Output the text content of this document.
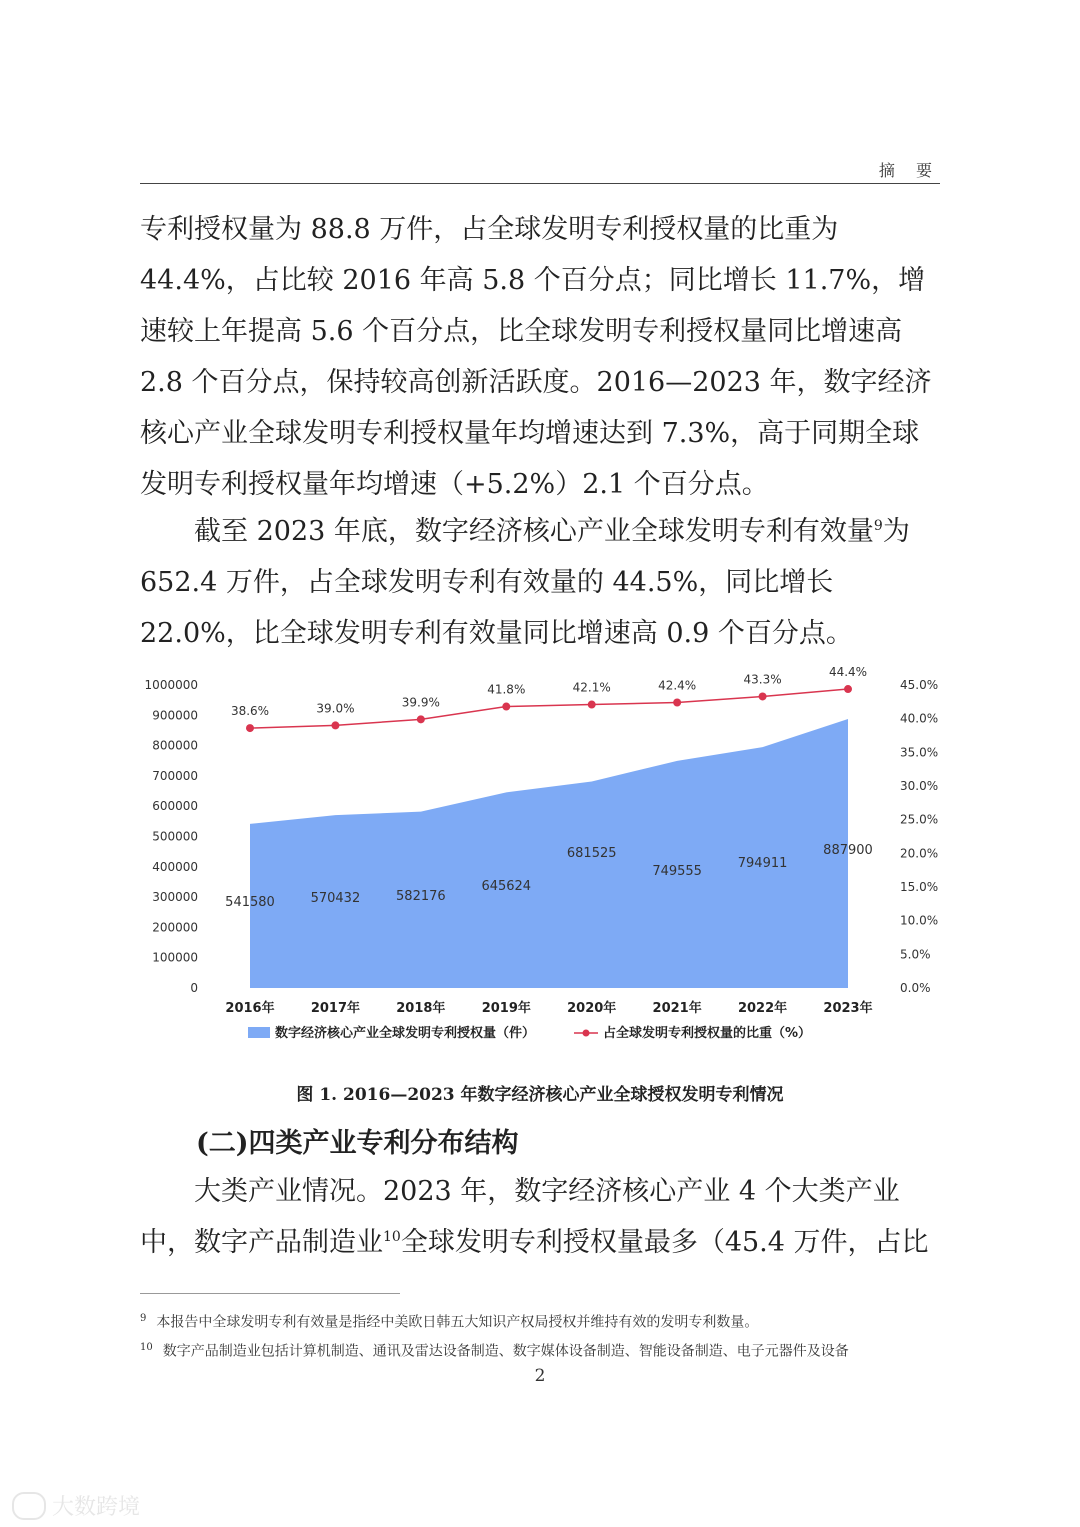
摘 要

专利授权量为 88.8 万件，占全球发明专利授权量的比重为 44.4%，占比较 2016 年高 5.8 个百分点；同比增长 11.7%，增速较上年提高 5.6 个百分点，比全球发明专利授权量同比增速高 2.8 个百分点，保持较高创新活跃度。2016—2023 年，数字经济核心产业全球发明专利授权量年均增速达到 7.3%，高于同期全球发明专利授权量年均增速（+5.2%）2.1 个百分点。

截至 2023 年底，数字经济核心产业全球发明专利有效量$^9$为 652.4 万件，占全球发明专利有效量的 44.5%，同比增长 22.0%，比全球发明专利有效量同比增速高 0.9 个百分点。

0
100000
200000
300000
400000
500000
600000
700000
800000
900000
1000000
0.0%
5.0%
10.0%
15.0%
20.0%
25.0%
30.0%
35.0%
40.0%
45.0%
541580	570432	582176
645624
681525
749555
794911
887900
38.6%	39.0%	39.9%
41.8%	42.1%	42.4%	43.3%
44.4%
2016年	2017年	2018年	2019年	2020年	2021年	2022年	2023年
数字经济核心产业全球发明专利授权量（件）	占全球发明专利授权量的比重（%）
图 1. 2016—2023 年数字经济核心产业全球授权发明专利情况
(二)四类产业专利分布结构

大类产业情况。2023 年，数字经济核心产业 4 个大类产业中，数字产品制造业$^{10}$全球发明专利授权量最多（45.4 万件，占比

$^9$ 本报告中全球发明专利有效量是指经中美欧日韩五大知识产权局授权并维持有效的发明专利数量。
$^{10}$ 数字产品制造业包括计算机制造、通讯及雷达设备制造、数字媒体设备制造、智能设备制造、电子元器件及设备
2
大数跨境
